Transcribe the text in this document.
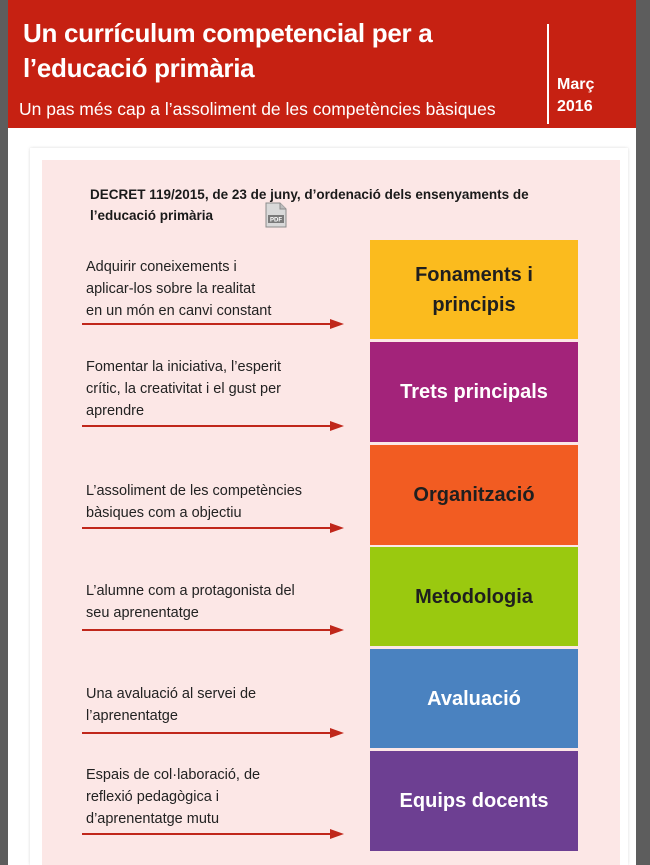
Un currículum competencial per a
l’educació primària
Un pas més cap a l’assoliment de les competències bàsiques
Març
2016
DECRET 119/2015, de 23 de juny, d’ordenació dels ensenyaments de
l’educació primària	PDF
Adquirir coneixements i
aplicar-los sobre la realitat
en un món en canvi constant
Fonaments i
principis
Fomentar la iniciativa, l’esperit
crític, la creativitat i el gust per
aprendre
Trets principals
L’assoliment de les competències
bàsiques com a objectiu
Organització
L’alumne com a protagonista del
seu aprenentatge
Metodologia
Una avaluació al servei de
l’aprenentatge
Avaluació
Espais de col·laboració, de
reflexió pedagògica i
d’aprenentatge mutu
Equips docents
